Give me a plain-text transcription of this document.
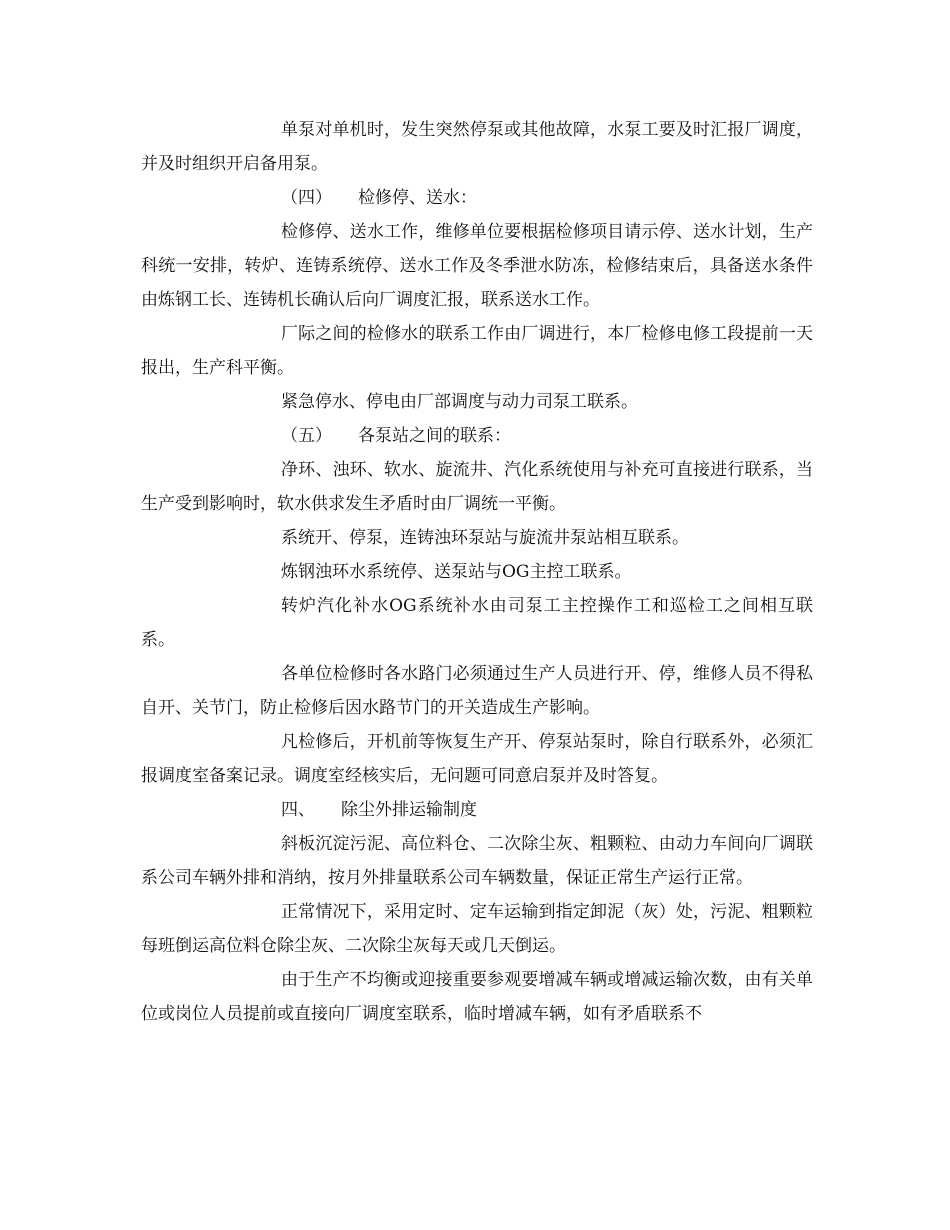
单泵对单机时，发生突然停泵或其他故障，水泵工要及时汇报厂调度，并及时组织开启备用泵。

（四） 检修停、送水：

检修停、送水工作，维修单位要根据检修项目请示停、送水计划，生产科统一安排，转炉、连铸系统停、送水工作及冬季泄水防冻，检修结束后，具备送水条件由炼钢工长、连铸机长确认后向厂调度汇报，联系送水工作。

厂际之间的检修水的联系工作由厂调进行，本厂检修电修工段提前一天报出，生产科平衡。

紧急停水、停电由厂部调度与动力司泵工联系。

（五） 各泵站之间的联系：

净环、浊环、软水、旋流井、汽化系统使用与补充可直接进行联系，当生产受到影响时，软水供求发生矛盾时由厂调统一平衡。

系统开、停泵，连铸浊环泵站与旋流井泵站相互联系。

炼钢浊环水系统停、送泵站与OG主控工联系。

转炉汽化补水OG系统补水由司泵工主控操作工和巡检工之间相互联系。

各单位检修时各水路门必须通过生产人员进行开、停，维修人员不得私自开、关节门，防止检修后因水路节门的开关造成生产影响。

凡检修后，开机前等恢复生产开、停泵站泵时，除自行联系外，必须汇报调度室备案记录。调度室经核实后，无问题可同意启泵并及时答复。

四、 除尘外排运输制度

斜板沉淀污泥、高位料仓、二次除尘灰、粗颗粒、由动力车间向厂调联系公司车辆外排和消纳，按月外排量联系公司车辆数量，保证正常生产运行正常。

正常情况下，采用定时、定车运输到指定卸泥（灰）处，污泥、粗颗粒每班倒运高位料仓除尘灰、二次除尘灰每天或几天倒运。

由于生产不均衡或迎接重要参观要增减车辆或增减运输次数，由有关单位或岗位人员提前或直接向厂调度室联系，临时增减车辆，如有矛盾联系不
